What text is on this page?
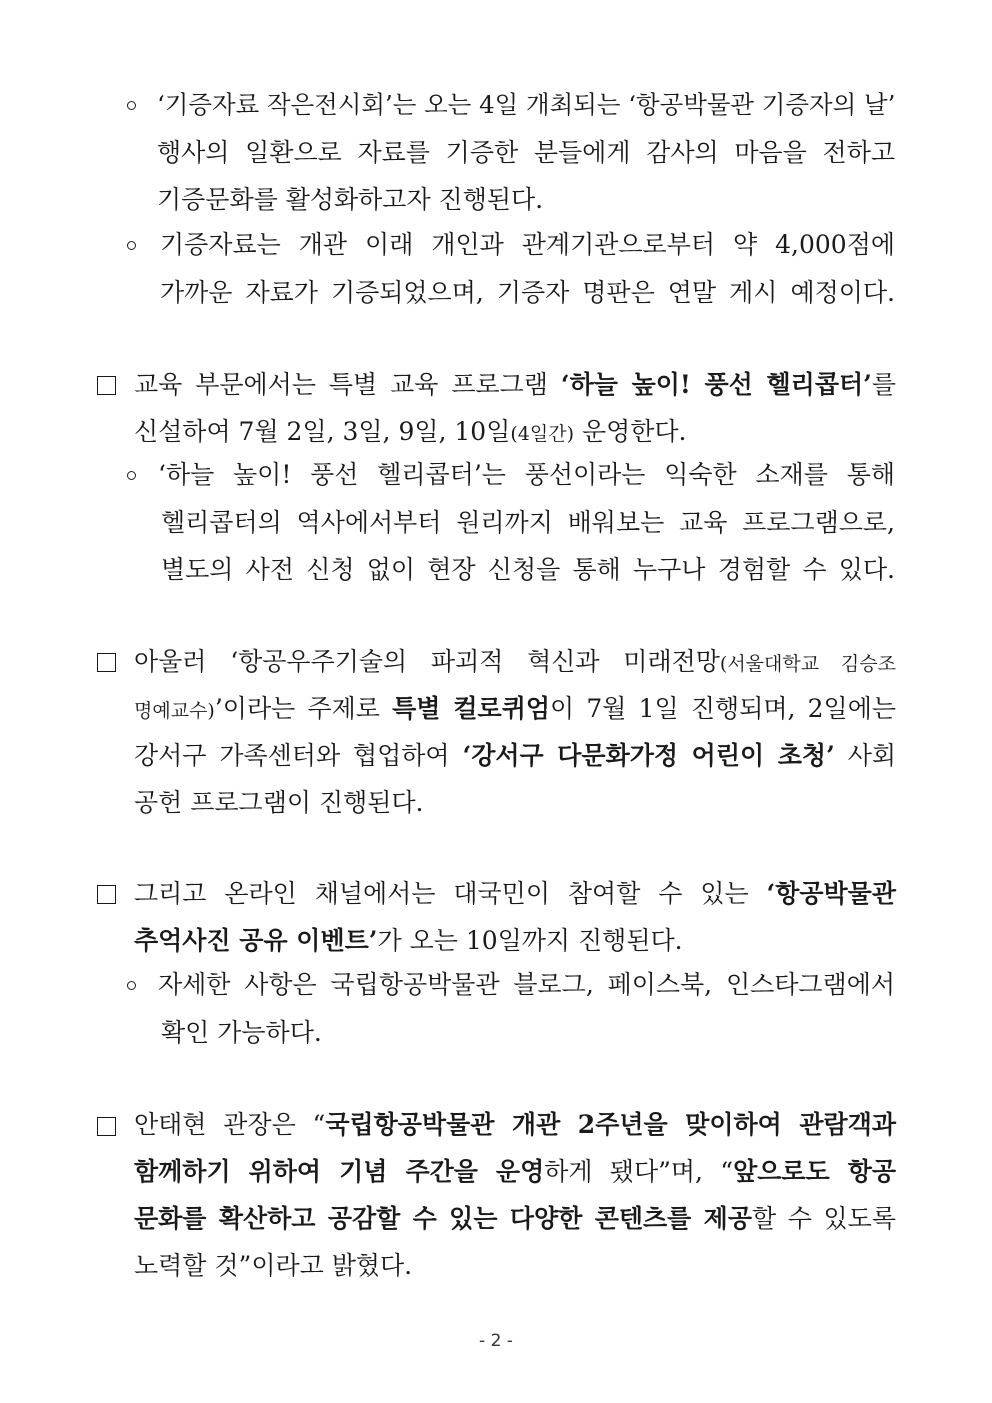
‘기증자료 작은전시회’는 오는 4일 개최되는 ‘항공박물관 기증자의 날’
행사의 일환으로 자료를 기증한 분들에게 감사의 마음을 전하고
기증문화를 활성화하고자 진행된다.
기증자료는 개관 이래 개인과 관계기관으로부터 약 4,000점에
가까운 자료가 기증되었으며, 기증자 명판은 연말 게시 예정이다.
교육 부문에서는 특별 교육 프로그램 ‘하늘 높이! 풍선 헬리콥터’를
신설하여 7월 2일, 3일, 9일, 10일(4일간) 운영한다.
‘하늘 높이! 풍선 헬리콥터’는 풍선이라는 익숙한 소재를 통해
헬리콥터의 역사에서부터 원리까지 배워보는 교육 프로그램으로,
별도의 사전 신청 없이 현장 신청을 통해 누구나 경험할 수 있다.
아울러 ‘항공우주기술의 파괴적 혁신과 미래전망(서울대학교 김승조
명예교수)’이라는 주제로 특별 컬로퀴엄이 7월 1일 진행되며, 2일에는
강서구 가족센터와 협업하여 ‘강서구 다문화가정 어린이 초청’ 사회
공헌 프로그램이 진행된다.
그리고 온라인 채널에서는 대국민이 참여할 수 있는 ‘항공박물관
추억사진 공유 이벤트’가 오는 10일까지 진행된다.
자세한 사항은 국립항공박물관 블로그, 페이스북, 인스타그램에서
확인 가능하다.
안태현 관장은 “국립항공박물관 개관 2주년을 맞이하여 관람객과
함께하기 위하여 기념 주간을 운영하게 됐다”며, “앞으로도 항공
문화를 확산하고 공감할 수 있는 다양한 콘텐츠를 제공할 수 있도록
노력할 것”이라고 밝혔다.
- 2 -
